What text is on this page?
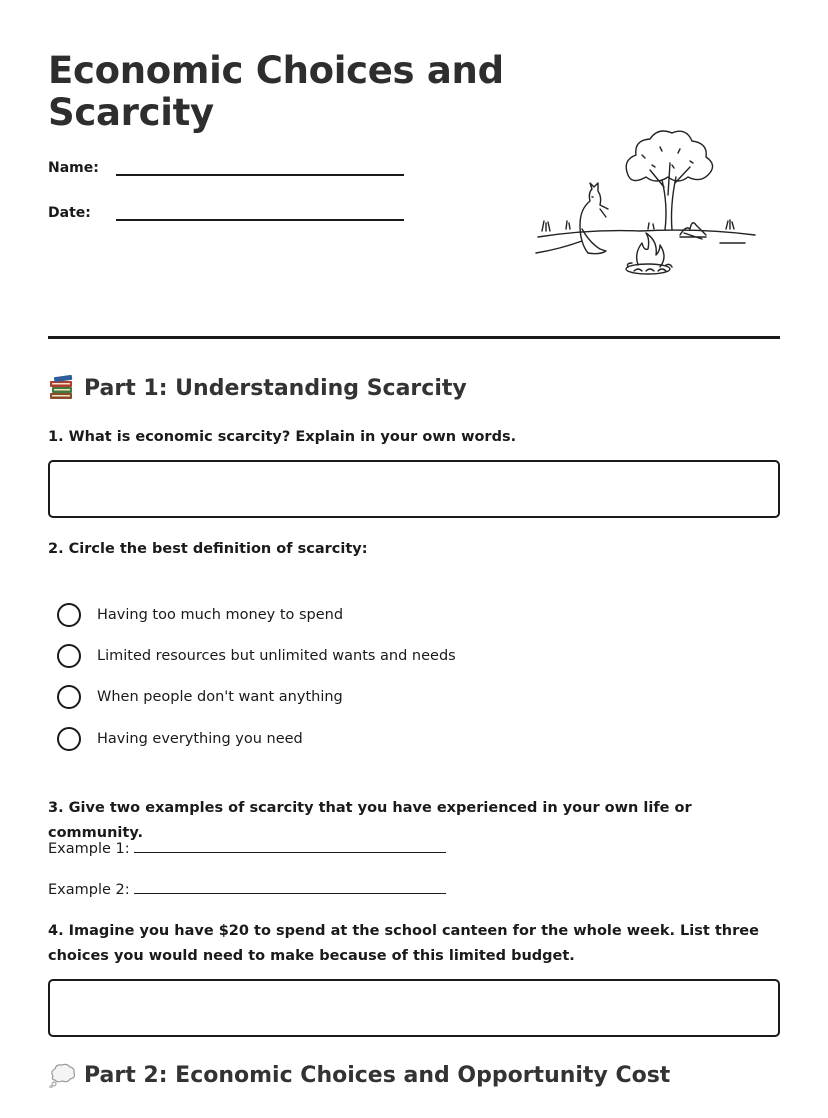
Economic Choices and Scarcity
Name:
Date:
Part 1: Understanding Scarcity

1. What is economic scarcity? Explain in your own words.

2. Circle the best definition of scarcity:

Having too much money to spend
Limited resources but unlimited wants and needs
When people don't want anything
Having everything you need

3. Give two examples of scarcity that you have experienced in your own life or community.

Example 1:
Example 2:

4. Imagine you have $20 to spend at the school canteen for the whole week. List three choices you would need to make because of this limited budget.

Part 2: Economic Choices and Opportunity Cost
